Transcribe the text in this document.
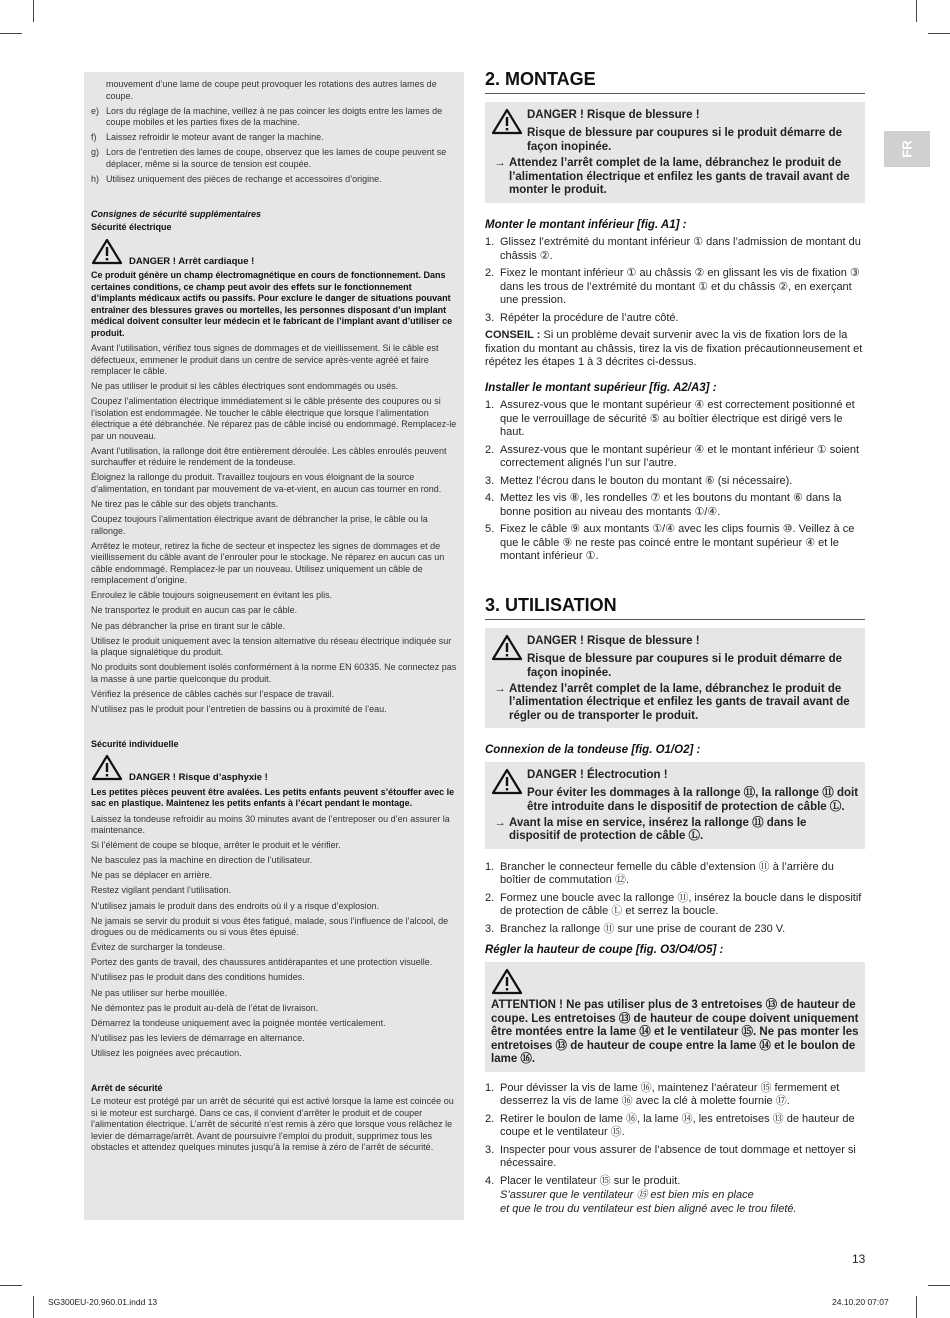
mouvement d’une lame de coupe peut provoquer les rotations des autres lames de coupe.
e) Lors du réglage de la machine, veillez à ne pas coincer les doigts entre les lames de coupe mobiles et les parties fixes de la machine.
f)	Laissez refroidir le moteur avant de ranger la machine.
g) Lors de l’entretien des lames de coupe, observez que les lames de coupe peuvent se déplacer, même si la source de tension est coupée.
h) Utilisez uniquement des pièces de rechange et accessoires d’origine.
Consignes de sécurité supplémentaires
Sécurité électrique
DANGER ! Arrêt cardiaque !

Ce produit génère un champ électromagnétique en cours de fonctionnement. Dans certaines conditions, ce champ peut avoir des effets sur le fonctionnement d’implants médicaux actifs ou passifs. Pour exclure le danger de situations pouvant entraîner des blessures graves ou mortelles, les personnes disposant d’un implant médical doivent consulter leur médecin et le fabricant de l’implant avant d’utiliser ce produit.

Avant l’utilisation, vérifiez tous signes de dommages et de vieillissement. Si le câble est défectueux, emmener le produit dans un centre de service après-vente agréé et faire remplacer le câble.

Ne pas utiliser le produit si les câbles électriques sont endommagés ou usés.

Coupez l’alimentation électrique immédiatement si le câble présente des coupures ou si l’isolation est endommagée. Ne toucher le câble électrique que lorsque l’alimentation électrique a été débranchée. Ne réparez pas de câble incisé ou endommagé. Remplacez-le par un nouveau.

Avant l’utilisation, la rallonge doit être entièrement déroulée. Les câbles enroulés peuvent surchauffer et réduire le rendement de la tondeuse.

Éloignez la rallonge du produit. Travaillez toujours en vous éloignant de la source d’alimentation, en tondant par mouvement de va-et-vient, en aucun cas tourner en rond.

Ne tirez pas le câble sur des objets tranchants.

Coupez toujours l’alimentation électrique avant de débrancher la prise, le câble ou la rallonge.

Arrêtez le moteur, retirez la fiche de secteur et inspectez les signes de dommages et de vieillissement du câble avant de l’enrouler pour le stockage. Ne réparez en aucun cas un câble endommagé. Remplacez-le par un nouveau. Utilisez uniquement un câble de remplacement d’origine.

Enroulez le câble toujours soigneusement en évitant les plis.

Ne transportez le produit en aucun cas par le câble.

Ne pas débrancher la prise en tirant sur le câble.

Utilisez le produit uniquement avec la tension alternative du réseau électrique indiquée sur la plaque signalétique du produit.

No produits sont doublement isolés conformément à la norme EN 60335. Ne connectez pas la masse à une partie quelconque du produit.

Vérifiez la présence de câbles cachés sur l’espace de travail.

N’utilisez pas le produit pour l’entretien de bassins ou à proximité de l’eau.

Sécurité individuelle
DANGER ! Risque d’asphyxie !

Les petites pièces peuvent être avalées. Les petits enfants peuvent s’étouffer avec le sac en plastique. Maintenez les petits enfants à l’écart pendant le montage.

Laissez la tondeuse refroidir au moins 30 minutes avant de l’entreposer ou d’en assurer la maintenance.

Si l’élément de coupe se bloque, arrêter le produit et le vérifier.

Ne basculez pas la machine en direction de l’utilisateur.

Ne pas se déplacer en arrière.

Restez vigilant pendant l’utilisation.

N’utilisez jamais le produit dans des endroits où il y a risque d’explosion.

Ne jamais se servir du produit si vous êtes fatigué, malade, sous l’influence de l’alcool, de drogues ou de médicaments ou si vous êtes épuisé.

Évitez de surcharger la tondeuse.

Portez des gants de travail, des chaussures antidérapantes et une protection visuelle.

N’utilisez pas le produit dans des conditions humides.

Ne pas utiliser sur herbe mouillée.

Ne démontez pas le produit au-delà de l’état de livraison.

Démarrez la tondeuse uniquement avec la poignée montée verticalement.

N’utilisez pas les leviers de démarrage en alternance.

Utilisez les poignées avec précaution.

Arrêt de sécurité

Le moteur est protégé par un arrêt de sécurité qui est activé lorsque la lame est coincée ou si le moteur est surchargé. Dans ce cas, il convient d’arrêter le produit et de couper l’alimentation électrique. L’arrêt de sécurité n’est remis à zéro que lorsque vous relâchez le levier de démarrage/arrêt. Avant de poursuivre l’emploi du produit, supprimez tous les obstacles et attendez quelques minutes jusqu’à la remise à zéro de l’arrêt de sécurité.

2. MONTAGE
DANGER ! Risque de blessure !
Risque de blessure par coupures si le produit démarre de façon inopinée.
→ Attendez l’arrêt complet de la lame, débranchez le produit de l’alimentation électrique et enfilez les gants de travail avant de monter le produit.
Monter le montant inférieur [fig. A1] :
1. Glissez l’extrémité du montant inférieur ① dans l’admission de montant du châssis ②.
2. Fixez le montant inférieur ① au châssis ② en glissant les vis de fixation ③ dans les trous de l’extrémité du montant ① et du châssis ②, en exerçant une pression.
3. Répéter la procédure de l’autre côté.

CONSEIL : Si un problème devait survenir avec la vis de fixation lors de la fixation du montant au châssis, tirez la vis de fixation précautionneusement et répétez les étapes 1 à 3 décrites ci-dessus.

Installer le montant supérieur [fig. A2/A3] :
1. Assurez-vous que le montant supérieur ④ est correctement positionné et que le verrouillage de sécurité ⑤ au boîtier électrique est dirigé vers le haut.
2. Assurez-vous que le montant supérieur ④ et le montant inférieur ① soient correctement alignés l’un sur l’autre.
3. Mettez l’écrou dans le bouton du montant ⑥ (si nécessaire).
4. Mettez les vis ⑧, les rondelles ⑦ et les boutons du montant ⑥ dans la bonne position au niveau des montants ①/④.
5. Fixez le câble ⑨ aux montants ①/④ avec les clips fournis ⑩. Veillez à ce que le câble ⑨ ne reste pas coincé entre le montant supérieur ④ et le montant inférieur ①.
3. UTILISATION
DANGER ! Risque de blessure !
Risque de blessure par coupures si le produit démarre de façon inopinée.
→ Attendez l’arrêt complet de la lame, débranchez le produit de l’alimentation électrique et enfilez les gants de travail avant de régler ou de transporter le produit.
Connexion de la tondeuse [fig. O1/O2] :
DANGER ! Électrocution !
Pour éviter les dommages à la rallonge ⑪, la rallonge ⑪ doit être introduite dans le dispositif de protection de câble Ⓛ.
→ Avant la mise en service, insérez la rallonge ⑪ dans le dispositif de protection de câble Ⓛ.
1. Brancher le connecteur femelle du câble d’extension ⑪ à l’arrière du boîtier de commutation ⑫.
2. Formez une boucle avec la rallonge ⑪, insérez la boucle dans le dispositif de protection de câble Ⓛ et serrez la boucle.
3. Branchez la rallonge ⑪ sur une prise de courant de 230 V.
Régler la hauteur de coupe [fig. O3/O4/O5] :
ATTENTION ! Ne pas utiliser plus de 3 entretoises ⑬ de hauteur de coupe. Les entretoises ⑬ de hauteur de coupe doivent uniquement être montées entre la lame ⑭ et le ventilateur ⑮. Ne pas monter les entretoises ⑬ de hauteur de coupe entre la lame ⑭ et le boulon de lame ⑯.
1. Pour dévisser la vis de lame ⑯, maintenez l’aérateur ⑮ fermement et desserrez la vis de lame ⑯ avec la clé à molette fournie ⑰.
2. Retirer le boulon de lame ⑯, la lame ⑭, les entretoises ⑬ de hauteur de coupe et le ventilateur ⑮.
3. Inspecter pour vous assurer de l’absence de tout dommage et nettoyer si nécessaire.
4. Placer le ventilateur ⑮ sur le produit.
S’assurer que le ventilateur ⑮ est bien mis en place
et que le trou du ventilateur est bien aligné avec le trou fileté.
FR
13
SG300EU-20.960.01.indd 13	24.10.20 07:07
